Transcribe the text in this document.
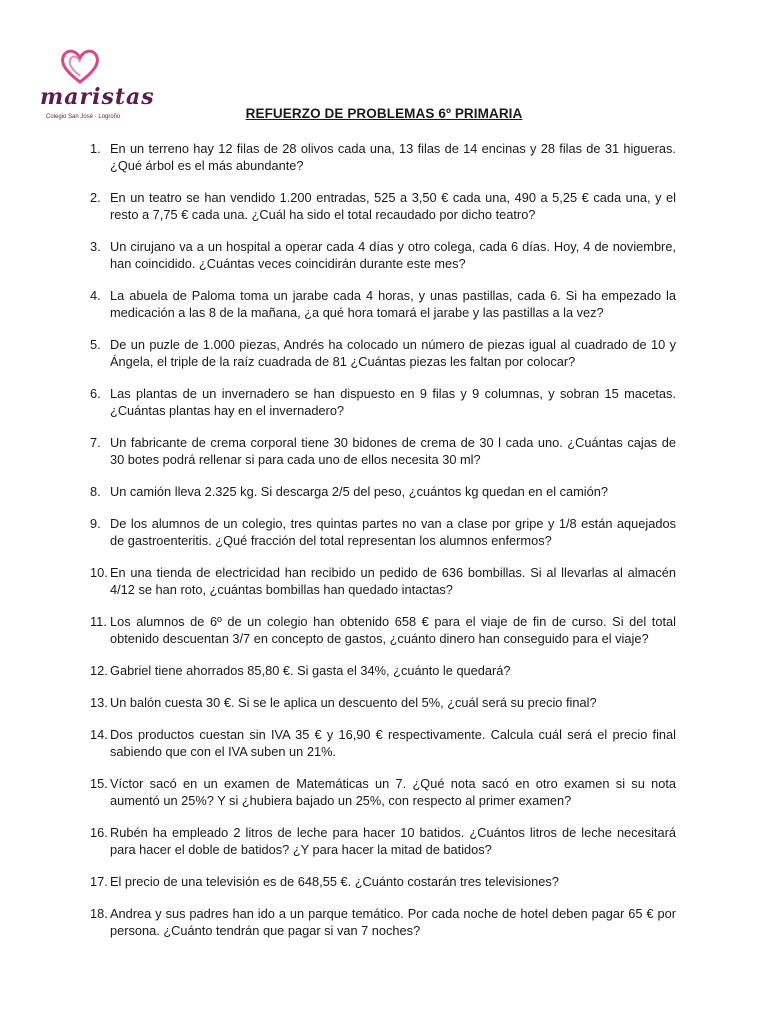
maristas
Colegio San José · Logroño	REFUERZO DE PROBLEMAS 6º PRIMARIA
1. En un terreno hay 12 filas de 28 olivos cada una, 13 filas de 14 encinas y 28 filas de 31 higueras. ¿Qué árbol es el más abundante?
2. En un teatro se han vendido 1.200 entradas, 525 a 3,50 € cada una, 490 a 5,25 € cada una, y el resto a 7,75 € cada una. ¿Cuál ha sido el total recaudado por dicho teatro?
3. Un cirujano va a un hospital a operar cada 4 días y otro colega, cada 6 días. Hoy, 4 de noviembre, han coincidido. ¿Cuántas veces coincidirán durante este mes?
4. La abuela de Paloma toma un jarabe cada 4 horas, y unas pastillas, cada 6. Si ha empezado la medicación a las 8 de la mañana, ¿a qué hora tomará el jarabe y las pastillas a la vez?
5. De un puzle de 1.000 piezas, Andrés ha colocado un número de piezas igual al cuadrado de 10 y Ángela, el triple de la raíz cuadrada de 81 ¿Cuántas piezas les faltan por colocar?
6. Las plantas de un invernadero se han dispuesto en 9 filas y 9 columnas, y sobran 15 macetas. ¿Cuántas plantas hay en el invernadero?
7. Un fabricante de crema corporal tiene 30 bidones de crema de 30 l cada uno. ¿Cuántas cajas de 30 botes podrá rellenar si para cada uno de ellos necesita 30 ml?
8. Un camión lleva 2.325 kg. Si descarga 2/5 del peso, ¿cuántos kg quedan en el camión?
9. De los alumnos de un colegio, tres quintas partes no van a clase por gripe y 1/8 están aquejados de gastroenteritis. ¿Qué fracción del total representan los alumnos enfermos?
10. En una tienda de electricidad han recibido un pedido de 636 bombillas. Si al llevarlas al almacén 4/12 se han roto, ¿cuántas bombillas han quedado intactas?
11. Los alumnos de 6º de un colegio han obtenido 658 € para el viaje de fin de curso. Si del total obtenido descuentan 3/7 en concepto de gastos, ¿cuánto dinero han conseguido para el viaje?
12. Gabriel tiene ahorrados 85,80 €. Si gasta el 34%, ¿cuánto le quedará?
13. Un balón cuesta 30 €. Si se le aplica un descuento del 5%, ¿cuál será su precio final?
14. Dos productos cuestan sin IVA 35 € y 16,90 € respectivamente. Calcula cuál será el precio final sabiendo que con el IVA suben un 21%.
15. Víctor sacó en un examen de Matemáticas un 7. ¿Qué nota sacó en otro examen si su nota aumentó un 25%? Y si ¿hubiera bajado un 25%, con respecto al primer examen?
16. Rubén ha empleado 2 litros de leche para hacer 10 batidos. ¿Cuántos litros de leche necesitará para hacer el doble de batidos? ¿Y para hacer la mitad de batidos?
17. El precio de una televisión es de 648,55 €. ¿Cuánto costarán tres televisiones?
18. Andrea y sus padres han ido a un parque temático. Por cada noche de hotel deben pagar 65 € por persona. ¿Cuánto tendrán que pagar si van 7 noches?
